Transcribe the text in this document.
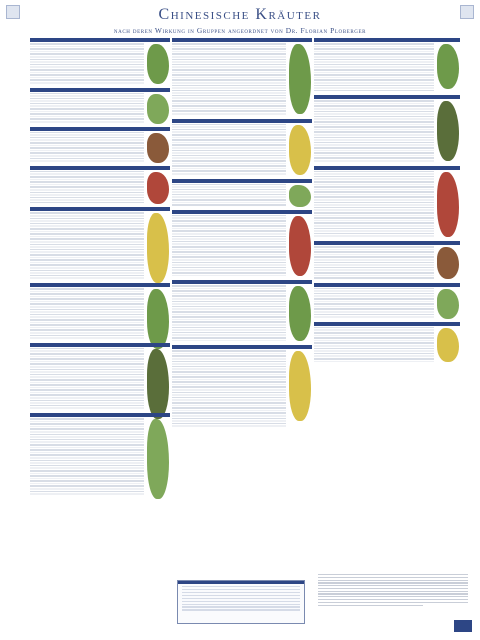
Chinesische Kräuter
nach deren Wirkung in Gruppen angeordnet von Dr. Florian Ploberger
